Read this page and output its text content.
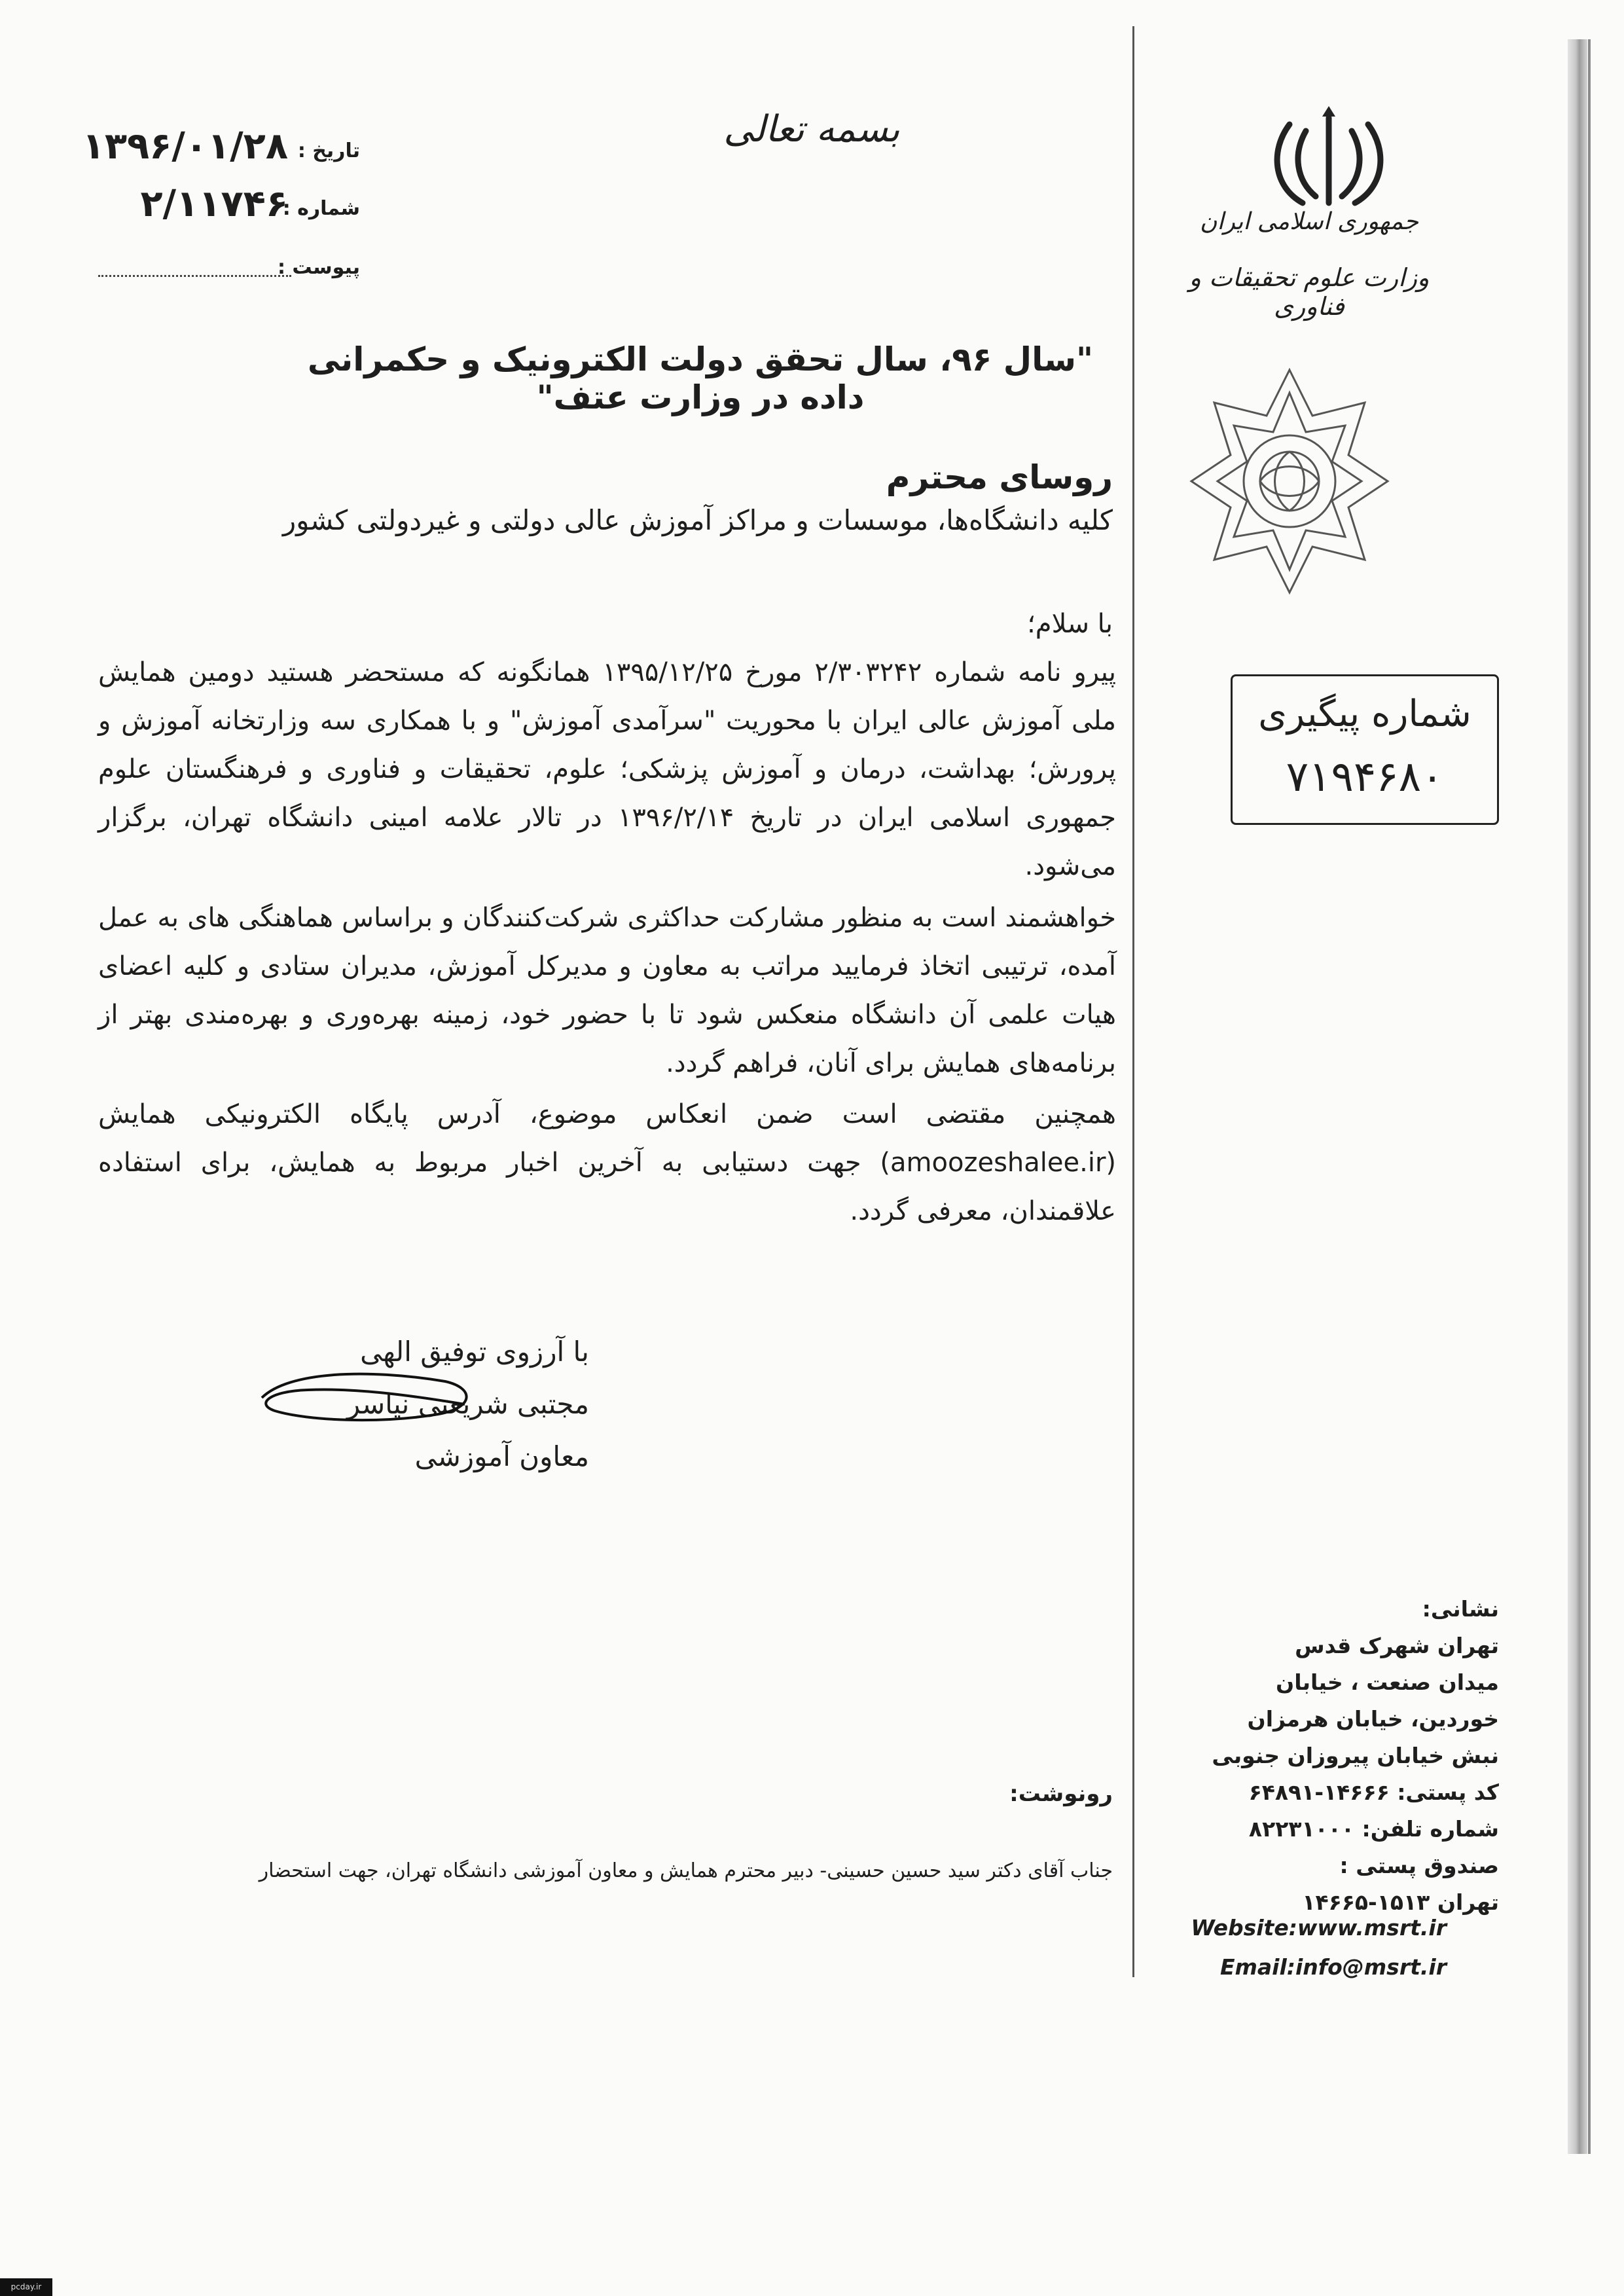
جمهوری اسلامی ایران
وزارت علوم تحقیقات و فناوری
شماره پیگیری
۷۱۹۴۶۸۰
بسمه تعالی
تاریخ :
۱۳۹۶/۰۱/۲۸
شماره :
۲/۱۱۷۴۶
پیوست :
"سال ۹۶، سال تحقق دولت الکترونیک و حکمرانی داده در وزارت عتف"
روسای محترم
کلیه دانشگاه‌ها، موسسات و مراکز آموزش عالی دولتی و غیردولتی کشور
با سلام؛
پیرو نامه شماره ۲/۳۰۳۲۴۲ مورخ ۱۳۹۵/۱۲/۲۵ همانگونه که مستحضر هستید دومین همایش ملی آموزش عالی ایران با محوریت "سرآمدی آموزش" و با همکاری سه وزارتخانه آموزش و پرورش؛ بهداشت، درمان و آموزش پزشکی؛ علوم، تحقیقات و فناوری و فرهنگستان علوم جمهوری اسلامی ایران در تاریخ ۱۳۹۶/۲/۱۴ در تالار علامه امینی دانشگاه تهران، برگزار می‌شود.
خواهشمند است به منظور مشارکت حداکثری شرکت‌کنندگان و براساس هماهنگی های به عمل آمده، ترتیبی اتخاذ فرمایید مراتب به معاون و مدیرکل آموزش، مدیران ستادی و کلیه اعضای هیات علمی آن دانشگاه منعکس شود تا با حضور خود، زمینه بهره‌وری و بهره‌مندی بهتر از برنامه‌های همایش برای آنان، فراهم گردد.
همچنین مقتضی است ضمن انعکاس موضوع، آدرس پایگاه الکترونیکی همایش (amoozeshalee.ir) جهت دستیابی به آخرین اخبار مربوط به همایش، برای استفاده علاقمندان، معرفی گردد.
با آرزوی توفیق الهی
مجتبی شریعتی نیاسر
معاون آموزشی
رونوشت:
جناب آقای دکتر سید حسین حسینی- دبیر محترم همایش و معاون آموزشی دانشگاه تهران، جهت استحضار
نشانی:
تهران شهرک قدس
میدان صنعت ، خیابان
خوردین، خیابان هرمزان
نبش خیابان پیروزان جنوبی
کد پستی: ۱۴۶۶۶-۶۴۸۹۱
شماره تلفن: ۸۲۲۳۱۰۰۰
صندوق پستی :
تهران ۱۵۱۳-۱۴۶۶۵
Website:www.msrt.ir
Email:info@msrt.ir
pcday.ir
